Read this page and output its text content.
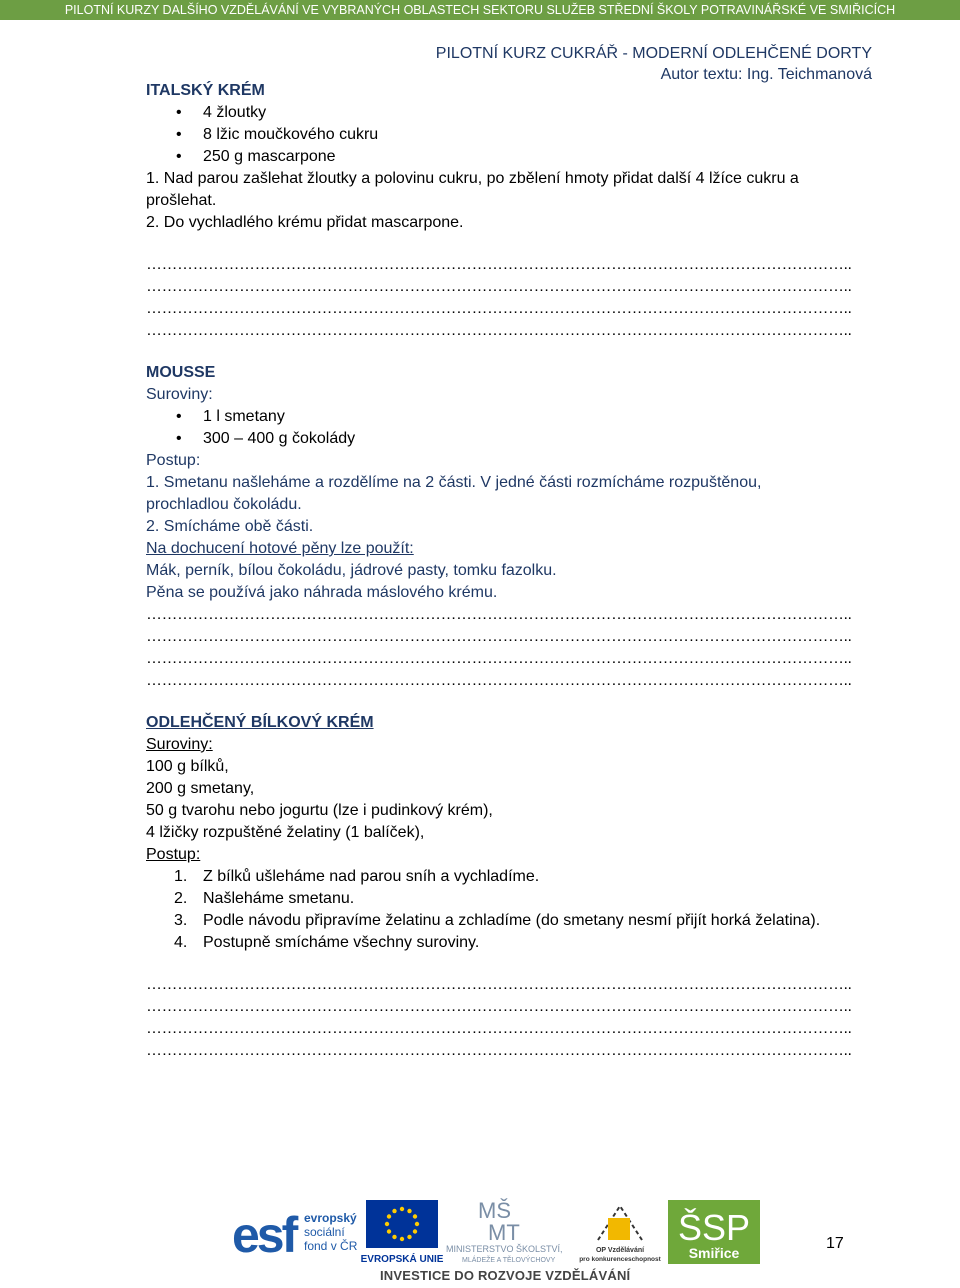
PILOTNÍ KURZY DALŠÍHO VZDĚLÁVÁNÍ VE VYBRANÝCH OBLASTECH SEKTORU SLUŽEB STŘEDNÍ ŠKOLY POTRAVINÁŘSKÉ VE SMIŘICÍCH
PILOTNÍ KURZ CUKRÁŘ - MODERNÍ ODLEHČENÉ DORTY
Autor textu: Ing. Teichmanová

ITALSKÝ KRÉM

• 4 žloutky
• 8 lžic moučkového cukru
• 250 g mascarpone

1. Nad parou zašlehat žloutky a polovinu cukru, po zbělení hmoty přidat další 4 lžíce cukru a prošlehat.

2. Do vychladlého krému přidat mascarpone.

………………………………………………………………………………………………………………………..

………………………………………………………………………………………………………………………..

………………………………………………………………………………………………………………………..

………………………………………………………………………………………………………………………..

MOUSSE

Suroviny:

• 1 l smetany
• 300 – 400 g čokolády

Postup:

1. Smetanu našleháme a rozdělíme na 2 části. V jedné části rozmícháme rozpuštěnou, prochladlou čokoládu.

2. Smícháme obě části.

Na dochucení hotové pěny lze použít:

Mák, perník, bílou čokoládu, jádrové pasty, tomku fazolku.

Pěna se používá jako náhrada máslového krému.

………………………………………………………………………………………………………………………..

………………………………………………………………………………………………………………………..

………………………………………………………………………………………………………………………..

………………………………………………………………………………………………………………………..

ODLEHČENÝ BÍLKOVÝ KRÉM

Suroviny:

100 g bílků,

200 g smetany,

50 g tvarohu nebo jogurtu (lze i pudinkový krém),

4 lžičky rozpuštěné želatiny (1 balíček),

Postup:

1. Z bílků ušleháme nad parou sníh a vychladíme.
2. Našleháme smetanu.
3. Podle návodu připravíme želatinu a zchladíme (do smetany nesmí přijít horká želatina).
4. Postupně smícháme všechny suroviny.

………………………………………………………………………………………………………………………..

………………………………………………………………………………………………………………………..

………………………………………………………………………………………………………………………..

………………………………………………………………………………………………………………………..

esf evropský
sociální
fond v ČR
EVROPSKÁ UNIE
MŠ
MT
MINISTERSTVO ŠKOLSTVÍ,
MLÁDEŽE A TĚLOVÝCHOVY
OP Vzdělávání
pro konkurenceschopnost
ŠSP
Smiřice
17
INVESTICE DO ROZVOJE VZDĚLÁVÁNÍ
